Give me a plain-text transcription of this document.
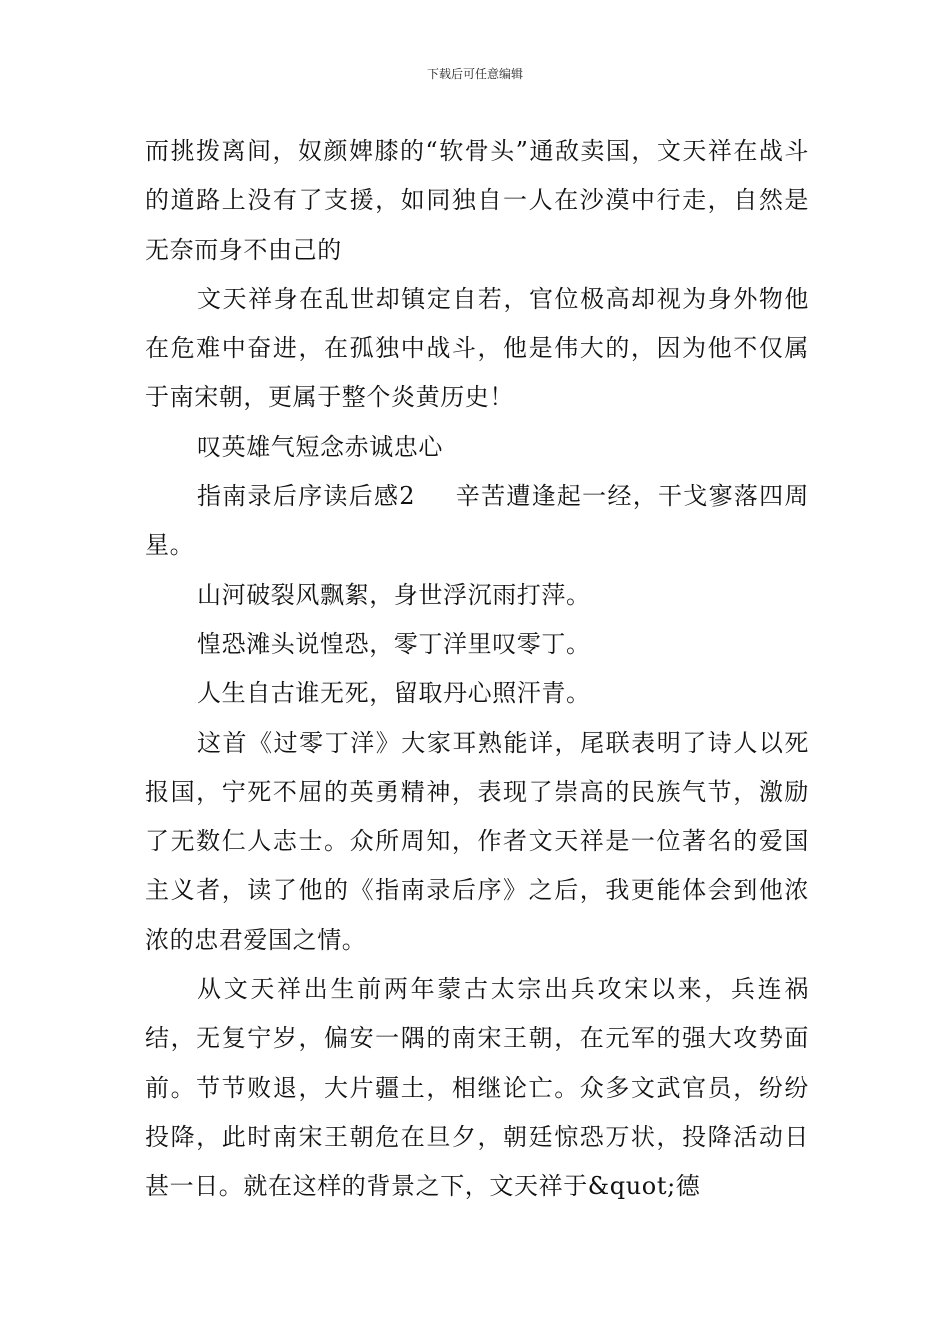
下载后可任意编辑

而挑拨离间，奴颜婢膝的“软骨头”通敌卖国，文天祥在战斗的道路上没有了支援，如同独自一人在沙漠中行走，自然是无奈而身不由己的

文天祥身在乱世却镇定自若，官位极高却视为身外物他在危难中奋进，在孤独中战斗，他是伟大的，因为他不仅属于南宋朝，更属于整个炎黄历史！

叹英雄气短念赤诚忠心

指南录后序读后感2 辛苦遭逢起一经，干戈寥落四周星。

山河破裂风飘絮，身世浮沉雨打萍。

惶恐滩头说惶恐，零丁洋里叹零丁。

人生自古谁无死，留取丹心照汗青。

这首《过零丁洋》大家耳熟能详，尾联表明了诗人以死报国，宁死不屈的英勇精神，表现了崇高的民族气节，激励了无数仁人志士。众所周知，作者文天祥是一位著名的爱国主义者，读了他的《指南录后序》之后，我更能体会到他浓浓的忠君爱国之情。

从文天祥出生前两年蒙古太宗出兵攻宋以来，兵连祸结，无复宁岁，偏安一隅的南宋王朝，在元军的强大攻势面前。节节败退，大片疆土，相继论亡。众多文武官员，纷纷投降，此时南宋王朝危在旦夕，朝廷惊恐万状，投降活动日甚一日。就在这样的背景之下，文天祥于&quot;德
